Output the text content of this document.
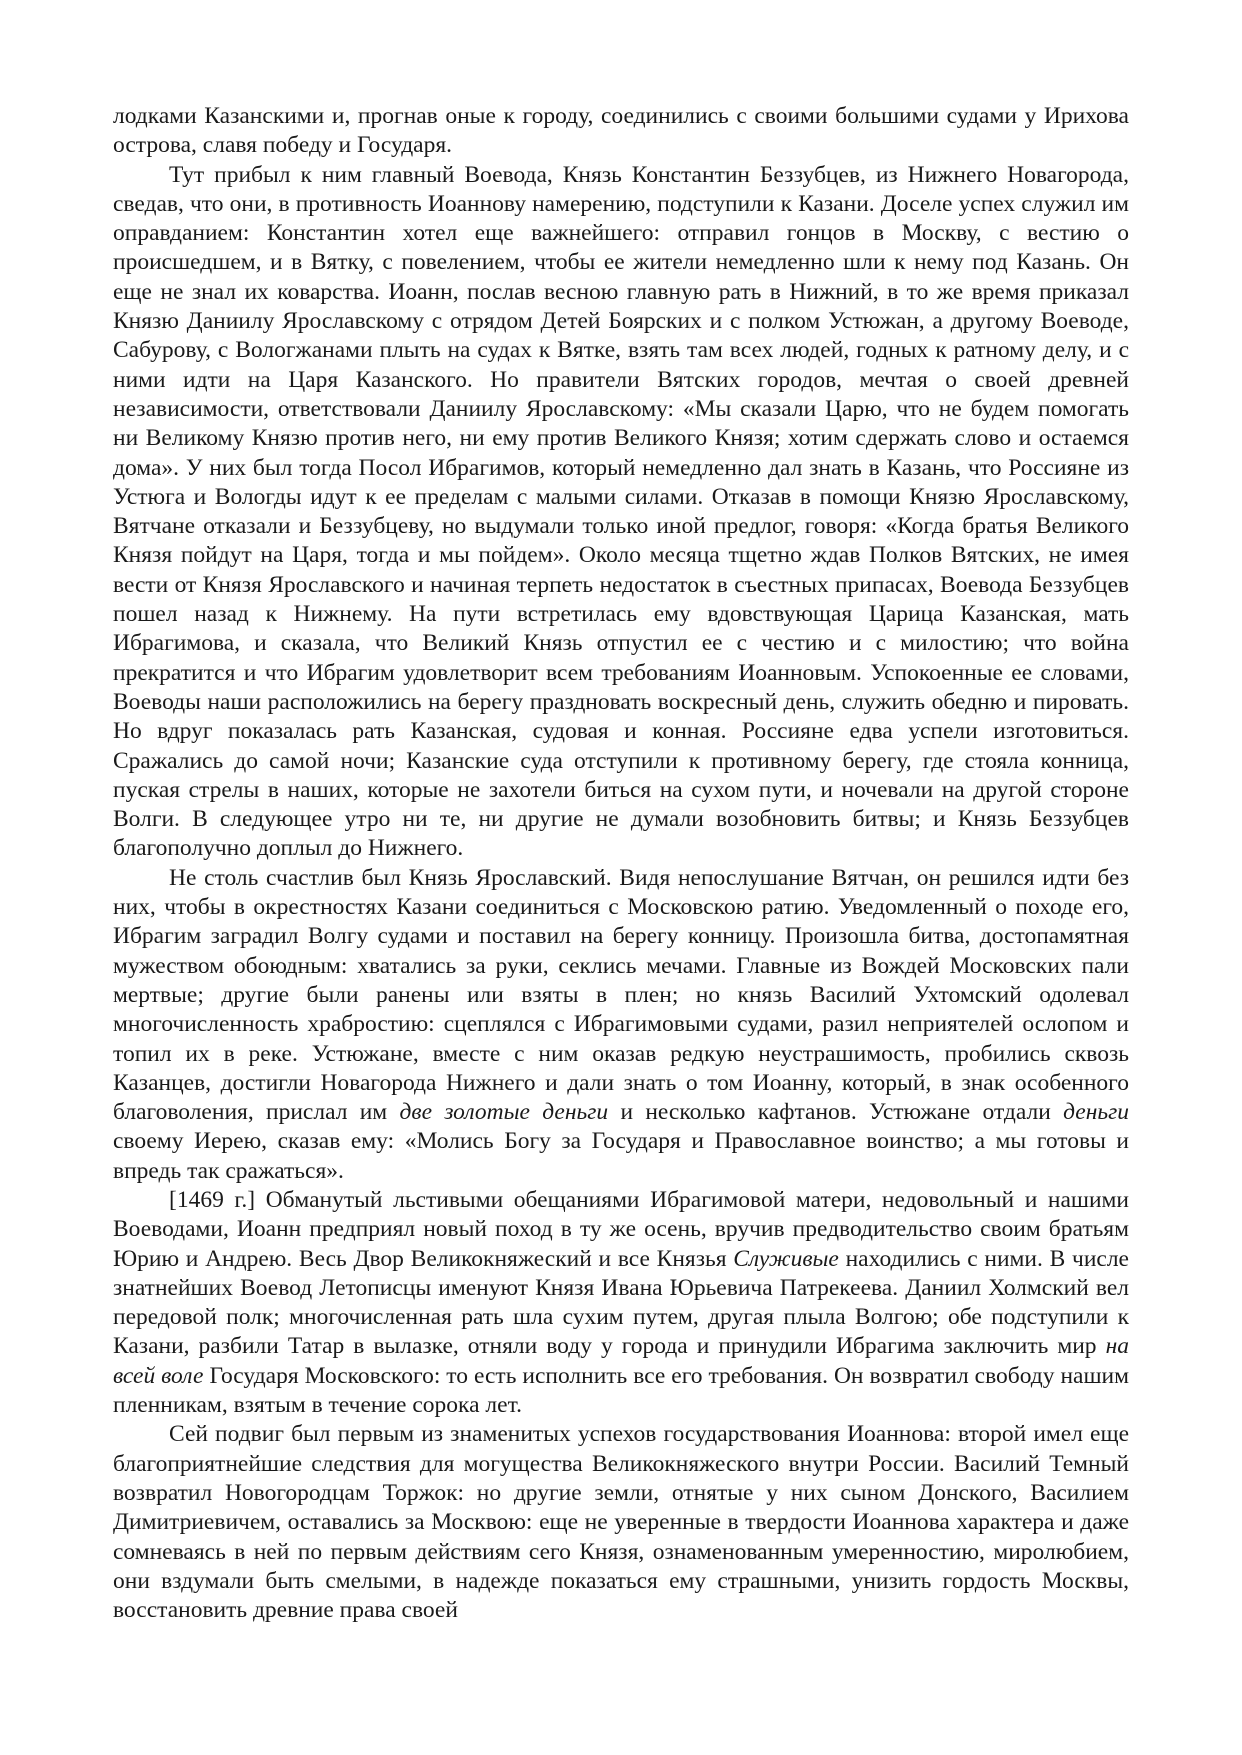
лодками Казанскими и, прогнав оные к городу, соединились с своими большими судами у Ирихова острова, славя победу и Государя.

Тут прибыл к ним главный Воевода, Князь Константин Беззубцев, из Нижнего Новагорода, сведав, что они, в противность Иоаннову намерению, подступили к Казани. Доселе успех служил им оправданием: Константин хотел еще важнейшего: отправил гонцов в Москву, с вестию о происшедшем, и в Вятку, с повелением, чтобы ее жители немедленно шли к нему под Казань. Он еще не знал их коварства. Иоанн, послав весною главную рать в Нижний, в то же время приказал Князю Даниилу Ярославскому с отрядом Детей Боярских и с полком Устюжан, а другому Воеводе, Сабурову, с Вологжанами плыть на судах к Вятке, взять там всех людей, годных к ратному делу, и с ними идти на Царя Казанского. Но правители Вятских городов, мечтая о своей древней независимости, ответствовали Даниилу Ярославскому: «Мы сказали Царю, что не будем помогать ни Великому Князю против него, ни ему против Великого Князя; хотим сдержать слово и остаемся дома». У них был тогда Посол Ибрагимов, который немедленно дал знать в Казань, что Россияне из Устюга и Вологды идут к ее пределам с малыми силами. Отказав в помощи Князю Ярославскому, Вятчане отказали и Беззубцеву, но выдумали только иной предлог, говоря: «Когда братья Великого Князя пойдут на Царя, тогда и мы пойдем». Около месяца тщетно ждав Полков Вятских, не имея вести от Князя Ярославского и начиная терпеть недостаток в съестных припасах, Воевода Беззубцев пошел назад к Нижнему. На пути встретилась ему вдовствующая Царица Казанская, мать Ибрагимова, и сказала, что Великий Князь отпустил ее с честию и с милостию; что война прекратится и что Ибрагим удовлетворит всем требованиям Иоанновым. Успокоенные ее словами, Воеводы наши расположились на берегу праздновать воскресный день, служить обедню и пировать. Но вдруг показалась рать Казанская, судовая и конная. Россияне едва успели изготовиться. Сражались до самой ночи; Казанские суда отступили к противному берегу, где стояла конница, пуская стрелы в наших, которые не захотели биться на сухом пути, и ночевали на другой стороне Волги. В следующее утро ни те, ни другие не думали возобновить битвы; и Князь Беззубцев благополучно доплыл до Нижнего.

Не столь счастлив был Князь Ярославский. Видя непослушание Вятчан, он решился идти без них, чтобы в окрестностях Казани соединиться с Московскою ратию. Уведомленный о походе его, Ибрагим заградил Волгу судами и поставил на берегу конницу. Произошла битва, достопамятная мужеством обоюдным: хватались за руки, секлись мечами. Главные из Вождей Московских пали мертвые; другие были ранены или взяты в плен; но князь Василий Ухтомский одолевал многочисленность храбростию: сцеплялся с Ибрагимовыми судами, разил неприятелей ослопом и топил их в реке. Устюжане, вместе с ним оказав редкую неустрашимость, пробились сквозь Казанцев, достигли Новагорода Нижнего и дали знать о том Иоанну, который, в знак особенного благоволения, прислал им две золотые деньги и несколько кафтанов. Устюжане отдали деньги своему Иерею, сказав ему: «Молись Богу за Государя и Православное воинство; а мы готовы и впредь так сражаться».

[1469 г.] Обманутый льстивыми обещаниями Ибрагимовой матери, недовольный и нашими Воеводами, Иоанн предприял новый поход в ту же осень, вручив предводительство своим братьям Юрию и Андрею. Весь Двор Великокняжеский и все Князья Служивые находились с ними. В числе знатнейших Воевод Летописцы именуют Князя Ивана Юрьевича Патрекеева. Даниил Холмский вел передовой полк; многочисленная рать шла сухим путем, другая плыла Волгою; обе подступили к Казани, разбили Татар в вылазке, отняли воду у города и принудили Ибрагима заключить мир на всей воле Государя Московского: то есть исполнить все его требования. Он возвратил свободу нашим пленникам, взятым в течение сорока лет.

Сей подвиг был первым из знаменитых успехов государствования Иоаннова: второй имел еще благоприятнейшие следствия для могущества Великокняжеского внутри России. Василий Темный возвратил Новогородцам Торжок: но другие земли, отнятые у них сыном Донского, Василием Димитриевичем, оставались за Москвою: еще не уверенные в твердости Иоаннова характера и даже сомневаясь в ней по первым действиям сего Князя, ознаменованным умеренностию, миролюбием, они вздумали быть смелыми, в надежде показаться ему страшными, унизить гордость Москвы, восстановить древние права своей
